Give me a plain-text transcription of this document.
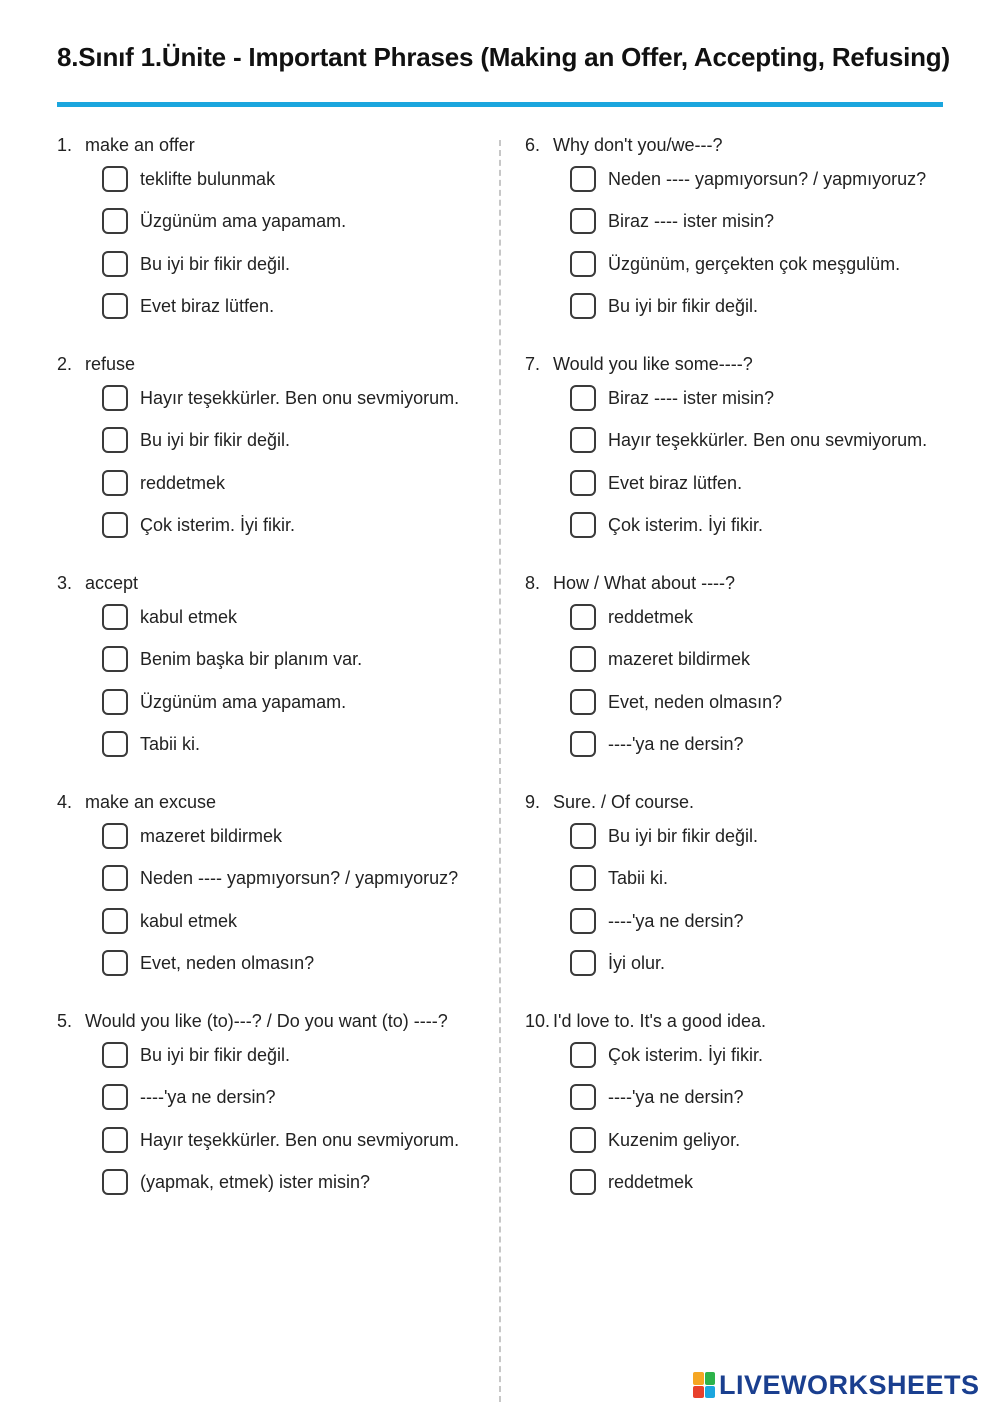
8.Sınıf 1.Ünite - Important Phrases (Making an Offer, Accepting, Refusing)
1. make an offer
teklifte bulunmak
Üzgünüm ama yapamam.
Bu iyi bir fikir değil.
Evet biraz lütfen.
2. refuse
Hayır teşekkürler. Ben onu sevmiyorum.
Bu iyi bir fikir değil.
reddetmek
Çok isterim. İyi fikir.
3. accept
kabul etmek
Benim başka bir planım var.
Üzgünüm ama yapamam.
Tabii ki.
4. make an excuse
mazeret bildirmek
Neden ---- yapmıyorsun? / yapmıyoruz?
kabul etmek
Evet, neden olmasın?
5. Would you like (to)---? / Do you want (to) ----?
Bu iyi bir fikir değil.
----'ya ne dersin?
Hayır teşekkürler. Ben onu sevmiyorum.
(yapmak, etmek) ister misin?
6. Why don't you/we---?
Neden ---- yapmıyorsun? / yapmıyoruz?
Biraz ---- ister misin?
Üzgünüm, gerçekten çok meşgulüm.
Bu iyi bir fikir değil.
7. Would you like some----?
Biraz ---- ister misin?
Hayır teşekkürler. Ben onu sevmiyorum.
Evet biraz lütfen.
Çok isterim. İyi fikir.
8. How / What about ----?
reddetmek
mazeret bildirmek
Evet, neden olmasın?
----'ya ne dersin?
9. Sure. / Of course.
Bu iyi bir fikir değil.
Tabii ki.
----'ya ne dersin?
İyi olur.
10. I'd love to. It's a good idea.
Çok isterim. İyi fikir.
----'ya ne dersin?
Kuzenim geliyor.
reddetmek
LIVEWORKSHEETS
